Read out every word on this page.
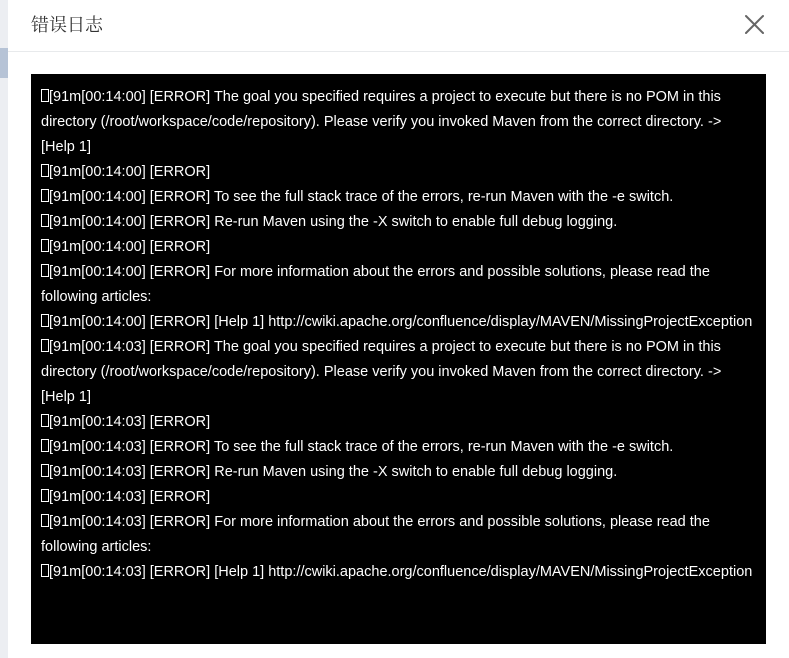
错误日志
[91m[00:14:00] [ERROR] The goal you specified requires a project to execute but there is no POM in this directory (/root/workspace/code/repository). Please verify you invoked Maven from the correct directory. -> [Help 1]
[91m[00:14:00] [ERROR]
[91m[00:14:00] [ERROR] To see the full stack trace of the errors, re-run Maven with the -e switch.
[91m[00:14:00] [ERROR] Re-run Maven using the -X switch to enable full debug logging.
[91m[00:14:00] [ERROR]
[91m[00:14:00] [ERROR] For more information about the errors and possible solutions, please read the following articles:
[91m[00:14:00] [ERROR] [Help 1] http://cwiki.apache.org/confluence/display/MAVEN/MissingProjectException
[91m[00:14:03] [ERROR] The goal you specified requires a project to execute but there is no POM in this directory (/root/workspace/code/repository). Please verify you invoked Maven from the correct directory. -> [Help 1]
[91m[00:14:03] [ERROR]
[91m[00:14:03] [ERROR] To see the full stack trace of the errors, re-run Maven with the -e switch.
[91m[00:14:03] [ERROR] Re-run Maven using the -X switch to enable full debug logging.
[91m[00:14:03] [ERROR]
[91m[00:14:03] [ERROR] For more information about the errors and possible solutions, please read the following articles:
[91m[00:14:03] [ERROR] [Help 1] http://cwiki.apache.org/confluence/display/MAVEN/MissingProjectException
